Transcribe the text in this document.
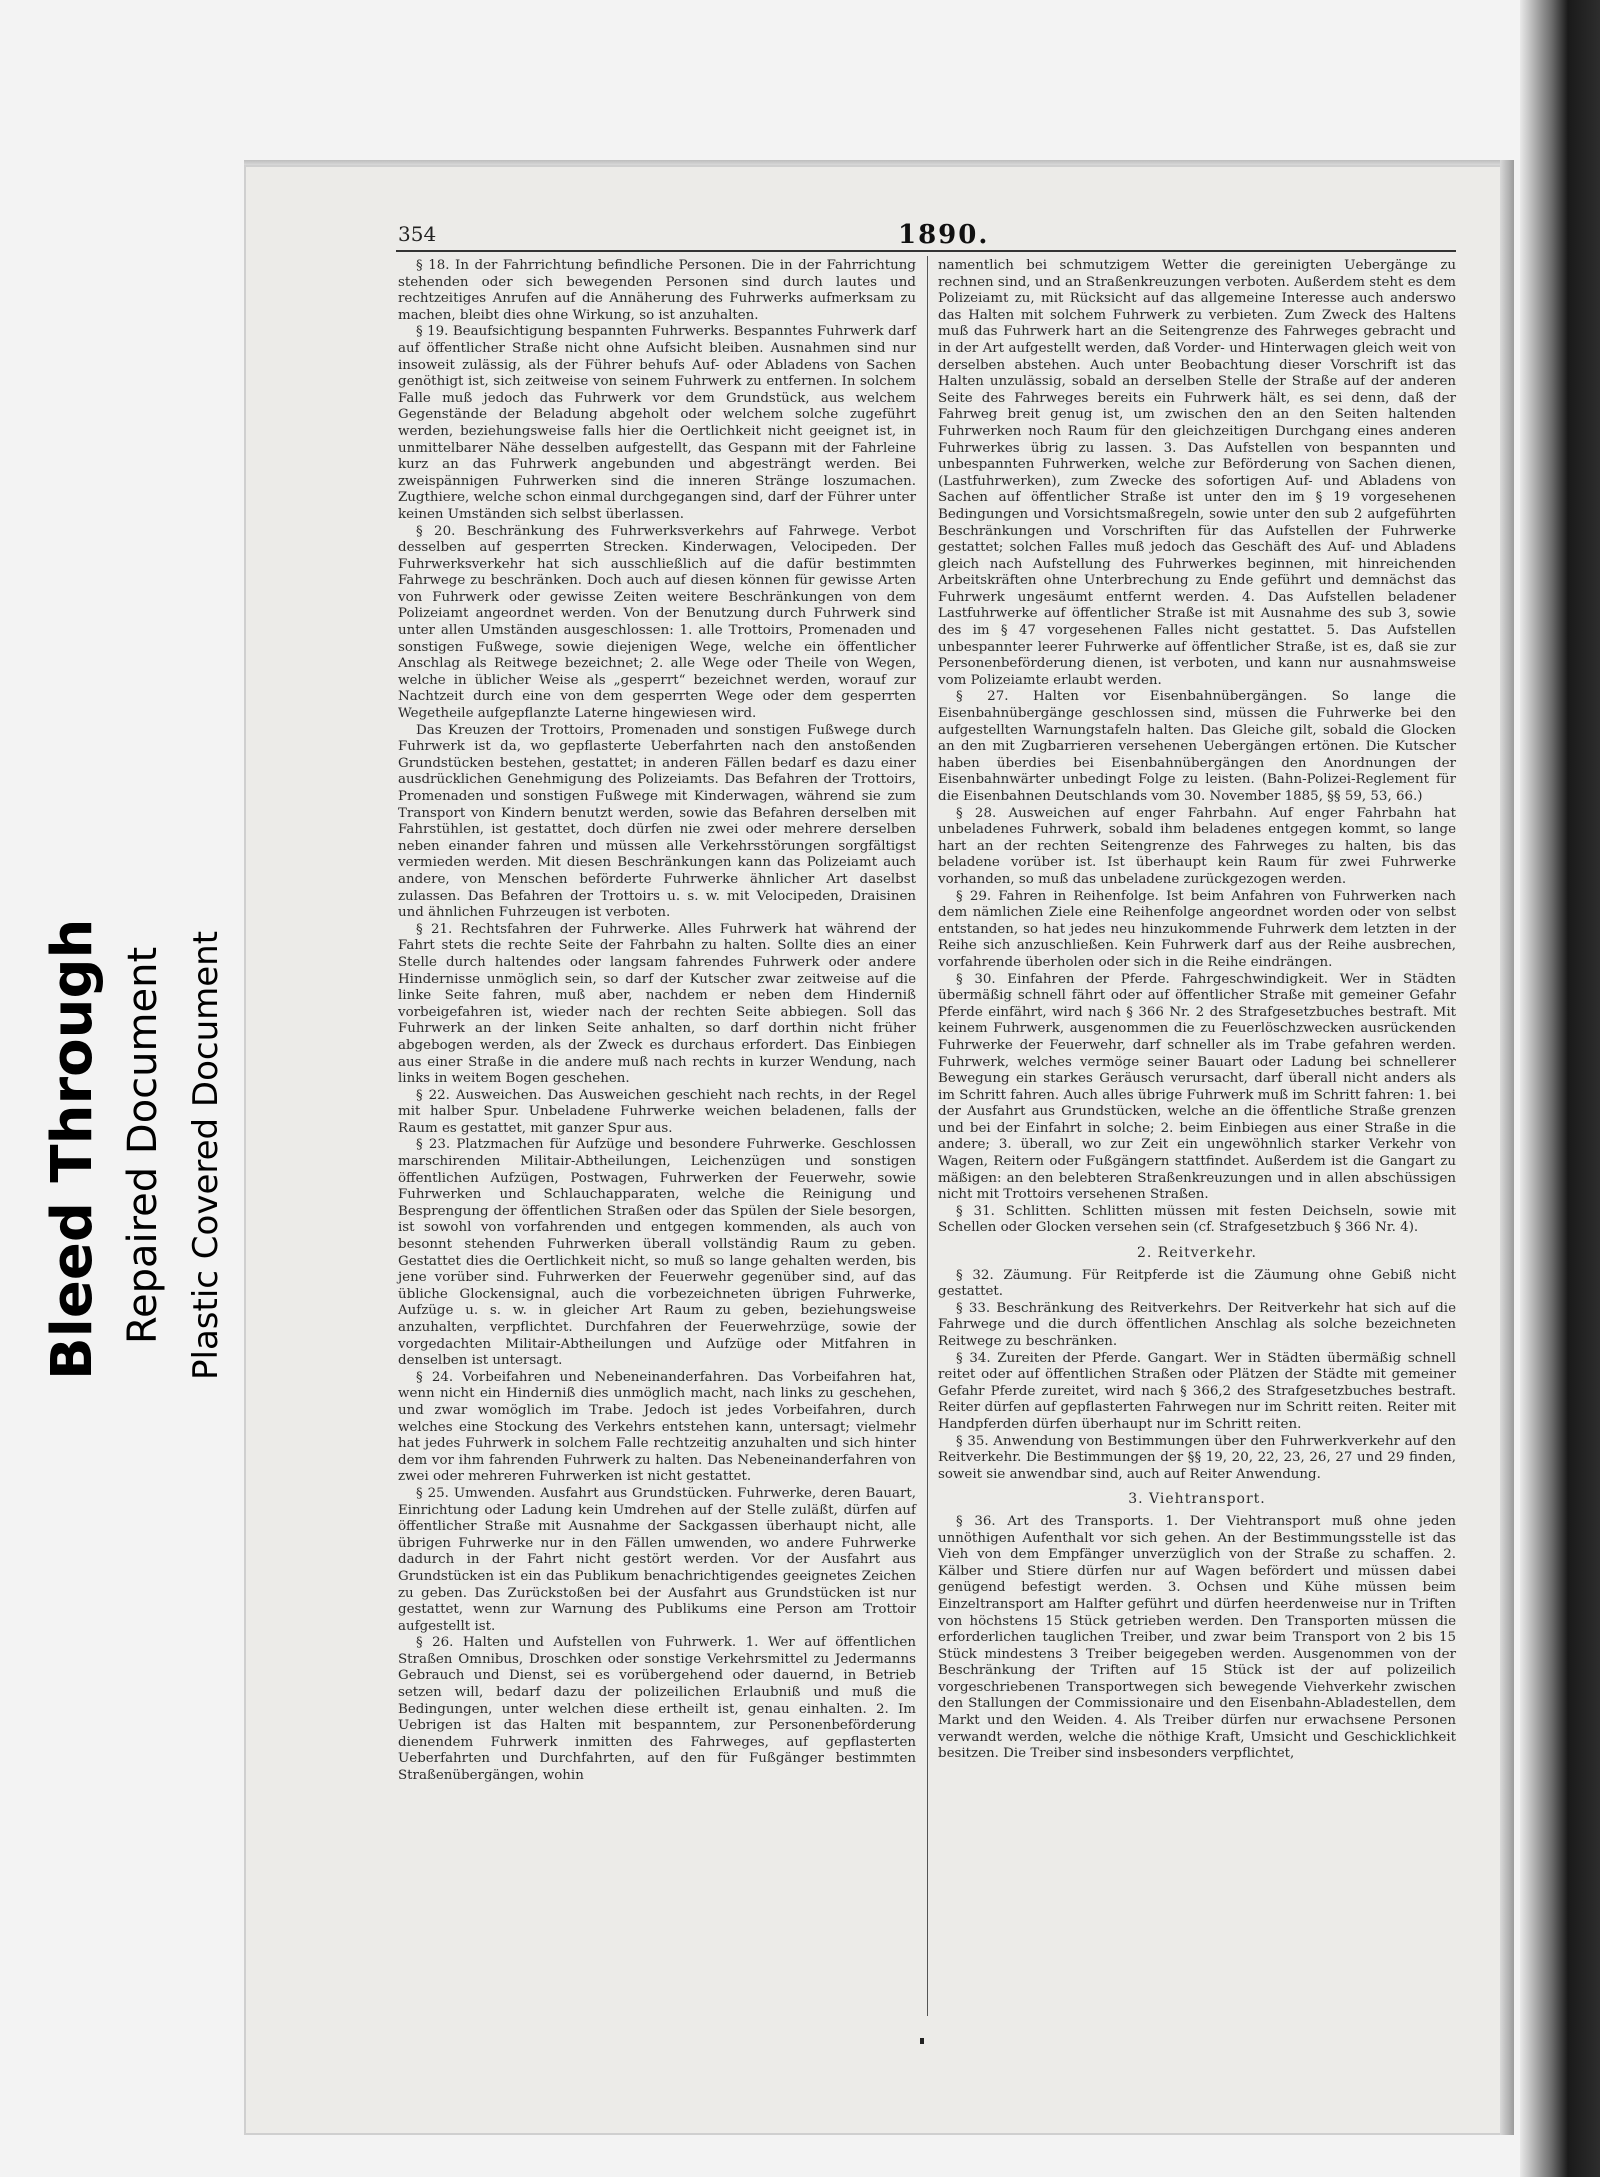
Bleed Through Repaired Document Plastic Covered Document
354	1890.

§ 18. In der Fahrrichtung befindliche Personen. Die in der Fahrrichtung stehenden oder sich bewegenden Personen sind durch lautes und rechtzeitiges Anrufen auf die Annäherung des Fuhrwerks aufmerksam zu machen, bleibt dies ohne Wirkung, so ist anzuhalten.

§ 19. Beaufsichtigung bespannten Fuhrwerks. Bespanntes Fuhrwerk darf auf öffentlicher Straße nicht ohne Aufsicht bleiben. Ausnahmen sind nur insoweit zulässig, als der Führer behufs Auf- oder Abladens von Sachen genöthigt ist, sich zeitweise von seinem Fuhrwerk zu entfernen. In solchem Falle muß jedoch das Fuhrwerk vor dem Grundstück, aus welchem Gegenstände der Beladung abgeholt oder welchem solche zugeführt werden, beziehungsweise falls hier die Oertlichkeit nicht geeignet ist, in unmittelbarer Nähe desselben aufgestellt, das Gespann mit der Fahrleine kurz an das Fuhrwerk angebunden und abgesträngt werden. Bei zweispännigen Fuhrwerken sind die inneren Stränge loszumachen. Zugthiere, welche schon einmal durchgegangen sind, darf der Führer unter keinen Umständen sich selbst überlassen.

§ 20. Beschränkung des Fuhrwerksverkehrs auf Fahrwege. Verbot desselben auf gesperrten Strecken. Kinderwagen, Velocipeden. Der Fuhrwerksverkehr hat sich ausschließlich auf die dafür bestimmten Fahrwege zu beschränken. Doch auch auf diesen können für gewisse Arten von Fuhrwerk oder gewisse Zeiten weitere Beschränkungen von dem Polizeiamt angeordnet werden. Von der Benutzung durch Fuhrwerk sind unter allen Umständen ausgeschlossen: 1. alle Trottoirs, Promenaden und sonstigen Fußwege, sowie diejenigen Wege, welche ein öffentlicher Anschlag als Reitwege bezeichnet; 2. alle Wege oder Theile von Wegen, welche in üblicher Weise als „gesperrt“ bezeichnet werden, worauf zur Nachtzeit durch eine von dem gesperrten Wege oder dem gesperrten Wegetheile aufgepflanzte Laterne hingewiesen wird.

Das Kreuzen der Trottoirs, Promenaden und sonstigen Fußwege durch Fuhrwerk ist da, wo gepflasterte Ueberfahrten nach den anstoßenden Grundstücken bestehen, gestattet; in anderen Fällen bedarf es dazu einer ausdrücklichen Genehmigung des Polizeiamts. Das Befahren der Trottoirs, Promenaden und sonstigen Fußwege mit Kinderwagen, während sie zum Transport von Kindern benutzt werden, sowie das Befahren derselben mit Fahrstühlen, ist gestattet, doch dürfen nie zwei oder mehrere derselben neben einander fahren und müssen alle Verkehrsstörungen sorgfältigst vermieden werden. Mit diesen Beschränkungen kann das Polizeiamt auch andere, von Menschen beförderte Fuhrwerke ähnlicher Art daselbst zulassen. Das Befahren der Trottoirs u. s. w. mit Velocipeden, Draisinen und ähnlichen Fuhrzeugen ist verboten.

§ 21. Rechtsfahren der Fuhrwerke. Alles Fuhrwerk hat während der Fahrt stets die rechte Seite der Fahrbahn zu halten. Sollte dies an einer Stelle durch haltendes oder langsam fahrendes Fuhrwerk oder andere Hindernisse unmöglich sein, so darf der Kutscher zwar zeitweise auf die linke Seite fahren, muß aber, nachdem er neben dem Hinderniß vorbeigefahren ist, wieder nach der rechten Seite abbiegen. Soll das Fuhrwerk an der linken Seite anhalten, so darf dorthin nicht früher abgebogen werden, als der Zweck es durchaus erfordert. Das Einbiegen aus einer Straße in die andere muß nach rechts in kurzer Wendung, nach links in weitem Bogen geschehen.

§ 22. Ausweichen. Das Ausweichen geschieht nach rechts, in der Regel mit halber Spur. Unbeladene Fuhrwerke weichen beladenen, falls der Raum es gestattet, mit ganzer Spur aus.

§ 23. Platzmachen für Aufzüge und besondere Fuhrwerke. Geschlossen marschirenden Militair-Abtheilungen, Leichenzügen und sonstigen öffentlichen Aufzügen, Postwagen, Fuhrwerken der Feuerwehr, sowie Fuhrwerken und Schlauchapparaten, welche die Reinigung und Besprengung der öffentlichen Straßen oder das Spülen der Siele besorgen, ist sowohl von vorfahrenden und entgegen kommenden, als auch von besonnt stehenden Fuhrwerken überall vollständig Raum zu geben. Gestattet dies die Oertlichkeit nicht, so muß so lange gehalten werden, bis jene vorüber sind. Fuhrwerken der Feuerwehr gegenüber sind, auf das übliche Glockensignal, auch die vorbezeichneten übrigen Fuhrwerke, Aufzüge u. s. w. in gleicher Art Raum zu geben, beziehungsweise anzuhalten, verpflichtet. Durchfahren der Feuerwehrzüge, sowie der vorgedachten Militair-Abtheilungen und Aufzüge oder Mitfahren in denselben ist untersagt.

§ 24. Vorbeifahren und Nebeneinanderfahren. Das Vorbeifahren hat, wenn nicht ein Hinderniß dies unmöglich macht, nach links zu geschehen, und zwar womöglich im Trabe. Jedoch ist jedes Vorbeifahren, durch welches eine Stockung des Verkehrs entstehen kann, untersagt; vielmehr hat jedes Fuhrwerk in solchem Falle rechtzeitig anzuhalten und sich hinter dem vor ihm fahrenden Fuhrwerk zu halten. Das Nebeneinanderfahren von zwei oder mehreren Fuhrwerken ist nicht gestattet.

§ 25. Umwenden. Ausfahrt aus Grundstücken. Fuhrwerke, deren Bauart, Einrichtung oder Ladung kein Umdrehen auf der Stelle zuläßt, dürfen auf öffentlicher Straße mit Ausnahme der Sackgassen überhaupt nicht, alle übrigen Fuhrwerke nur in den Fällen umwenden, wo andere Fuhrwerke dadurch in der Fahrt nicht gestört werden. Vor der Ausfahrt aus Grundstücken ist ein das Publikum benachrichtigendes geeignetes Zeichen zu geben. Das Zurückstoßen bei der Ausfahrt aus Grundstücken ist nur gestattet, wenn zur Warnung des Publikums eine Person am Trottoir aufgestellt ist.

§ 26. Halten und Aufstellen von Fuhrwerk. 1. Wer auf öffentlichen Straßen Omnibus, Droschken oder sonstige Verkehrsmittel zu Jedermanns Gebrauch und Dienst, sei es vorübergehend oder dauernd, in Betrieb setzen will, bedarf dazu der polizeilichen Erlaubniß und muß die Bedingungen, unter welchen diese ertheilt ist, genau einhalten. 2. Im Uebrigen ist das Halten mit bespanntem, zur Personenbeförderung dienendem Fuhrwerk inmitten des Fahrweges, auf gepflasterten Ueberfahrten und Durchfahrten, auf den für Fußgänger bestimmten Straßenübergängen, wohin

namentlich bei schmutzigem Wetter die gereinigten Uebergänge zu rechnen sind, und an Straßenkreuzungen verboten. Außerdem steht es dem Polizeiamt zu, mit Rücksicht auf das allgemeine Interesse auch anderswo das Halten mit solchem Fuhrwerk zu verbieten. Zum Zweck des Haltens muß das Fuhrwerk hart an die Seitengrenze des Fahrweges gebracht und in der Art aufgestellt werden, daß Vorder- und Hinterwagen gleich weit von derselben abstehen. Auch unter Beobachtung dieser Vorschrift ist das Halten unzulässig, sobald an derselben Stelle der Straße auf der anderen Seite des Fahrweges bereits ein Fuhrwerk hält, es sei denn, daß der Fahrweg breit genug ist, um zwischen den an den Seiten haltenden Fuhrwerken noch Raum für den gleichzeitigen Durchgang eines anderen Fuhrwerkes übrig zu lassen. 3. Das Aufstellen von bespannten und unbespannten Fuhrwerken, welche zur Beförderung von Sachen dienen, (Lastfuhrwerken), zum Zwecke des sofortigen Auf- und Abladens von Sachen auf öffentlicher Straße ist unter den im § 19 vorgesehenen Bedingungen und Vorsichtsmaßregeln, sowie unter den sub 2 aufgeführten Beschränkungen und Vorschriften für das Aufstellen der Fuhrwerke gestattet; solchen Falles muß jedoch das Geschäft des Auf- und Abladens gleich nach Aufstellung des Fuhrwerkes beginnen, mit hinreichenden Arbeitskräften ohne Unterbrechung zu Ende geführt und demnächst das Fuhrwerk ungesäumt entfernt werden. 4. Das Aufstellen beladener Lastfuhrwerke auf öffentlicher Straße ist mit Ausnahme des sub 3, sowie des im § 47 vorgesehenen Falles nicht gestattet. 5. Das Aufstellen unbespannter leerer Fuhrwerke auf öffentlicher Straße, ist es, daß sie zur Personenbeförderung dienen, ist verboten, und kann nur ausnahmsweise vom Polizeiamte erlaubt werden.

§ 27. Halten vor Eisenbahnübergängen. So lange die Eisenbahnübergänge geschlossen sind, müssen die Fuhrwerke bei den aufgestellten Warnungstafeln halten. Das Gleiche gilt, sobald die Glocken an den mit Zugbarrieren versehenen Uebergängen ertönen. Die Kutscher haben überdies bei Eisenbahnübergängen den Anordnungen der Eisenbahnwärter unbedingt Folge zu leisten. (Bahn-Polizei-Reglement für die Eisenbahnen Deutschlands vom 30. November 1885, §§ 59, 53, 66.)

§ 28. Ausweichen auf enger Fahrbahn. Auf enger Fahrbahn hat unbeladenes Fuhrwerk, sobald ihm beladenes entgegen kommt, so lange hart an der rechten Seitengrenze des Fahrweges zu halten, bis das beladene vorüber ist. Ist überhaupt kein Raum für zwei Fuhrwerke vorhanden, so muß das unbeladene zurückgezogen werden.

§ 29. Fahren in Reihenfolge. Ist beim Anfahren von Fuhrwerken nach dem nämlichen Ziele eine Reihenfolge angeordnet worden oder von selbst entstanden, so hat jedes neu hinzukommende Fuhrwerk dem letzten in der Reihe sich anzuschließen. Kein Fuhrwerk darf aus der Reihe ausbrechen, vorfahrende überholen oder sich in die Reihe eindrängen.

§ 30. Einfahren der Pferde. Fahrgeschwindigkeit. Wer in Städten übermäßig schnell fährt oder auf öffentlicher Straße mit gemeiner Gefahr Pferde einfährt, wird nach § 366 Nr. 2 des Strafgesetzbuches bestraft. Mit keinem Fuhrwerk, ausgenommen die zu Feuerlöschzwecken ausrückenden Fuhrwerke der Feuerwehr, darf schneller als im Trabe gefahren werden. Fuhrwerk, welches vermöge seiner Bauart oder Ladung bei schnellerer Bewegung ein starkes Geräusch verursacht, darf überall nicht anders als im Schritt fahren. Auch alles übrige Fuhrwerk muß im Schritt fahren: 1. bei der Ausfahrt aus Grundstücken, welche an die öffentliche Straße grenzen und bei der Einfahrt in solche; 2. beim Einbiegen aus einer Straße in die andere; 3. überall, wo zur Zeit ein ungewöhnlich starker Verkehr von Wagen, Reitern oder Fußgängern stattfindet. Außerdem ist die Gangart zu mäßigen: an den belebteren Straßenkreuzungen und in allen abschüssigen nicht mit Trottoirs versehenen Straßen.

§ 31. Schlitten. Schlitten müssen mit festen Deichseln, sowie mit Schellen oder Glocken versehen sein (cf. Strafgesetzbuch § 366 Nr. 4).

2. Reitverkehr.

§ 32. Zäumung. Für Reitpferde ist die Zäumung ohne Gebiß nicht gestattet.

§ 33. Beschränkung des Reitverkehrs. Der Reitverkehr hat sich auf die Fahrwege und die durch öffentlichen Anschlag als solche bezeichneten Reitwege zu beschränken.

§ 34. Zureiten der Pferde. Gangart. Wer in Städten übermäßig schnell reitet oder auf öffentlichen Straßen oder Plätzen der Städte mit gemeiner Gefahr Pferde zureitet, wird nach § 366,2 des Strafgesetzbuches bestraft. Reiter dürfen auf gepflasterten Fahrwegen nur im Schritt reiten. Reiter mit Handpferden dürfen überhaupt nur im Schritt reiten.

§ 35. Anwendung von Bestimmungen über den Fuhrwerkverkehr auf den Reitverkehr. Die Bestimmungen der §§ 19, 20, 22, 23, 26, 27 und 29 finden, soweit sie anwendbar sind, auch auf Reiter Anwendung.

3. Viehtransport.

§ 36. Art des Transports. 1. Der Viehtransport muß ohne jeden unnöthigen Aufenthalt vor sich gehen. An der Bestimmungsstelle ist das Vieh von dem Empfänger unverzüglich von der Straße zu schaffen. 2. Kälber und Stiere dürfen nur auf Wagen befördert und müssen dabei genügend befestigt werden. 3. Ochsen und Kühe müssen beim Einzeltransport am Halfter geführt und dürfen heerdenweise nur in Triften von höchstens 15 Stück getrieben werden. Den Transporten müssen die erforderlichen tauglichen Treiber, und zwar beim Transport von 2 bis 15 Stück mindestens 3 Treiber beigegeben werden. Ausgenommen von der Beschränkung der Triften auf 15 Stück ist der auf polizeilich vorgeschriebenen Transportwegen sich bewegende Viehverkehr zwischen den Stallungen der Commissionaire und den Eisenbahn-Abladestellen, dem Markt und den Weiden. 4. Als Treiber dürfen nur erwachsene Personen verwandt werden, welche die nöthige Kraft, Umsicht und Geschicklichkeit besitzen. Die Treiber sind insbesonders verpflichtet,
